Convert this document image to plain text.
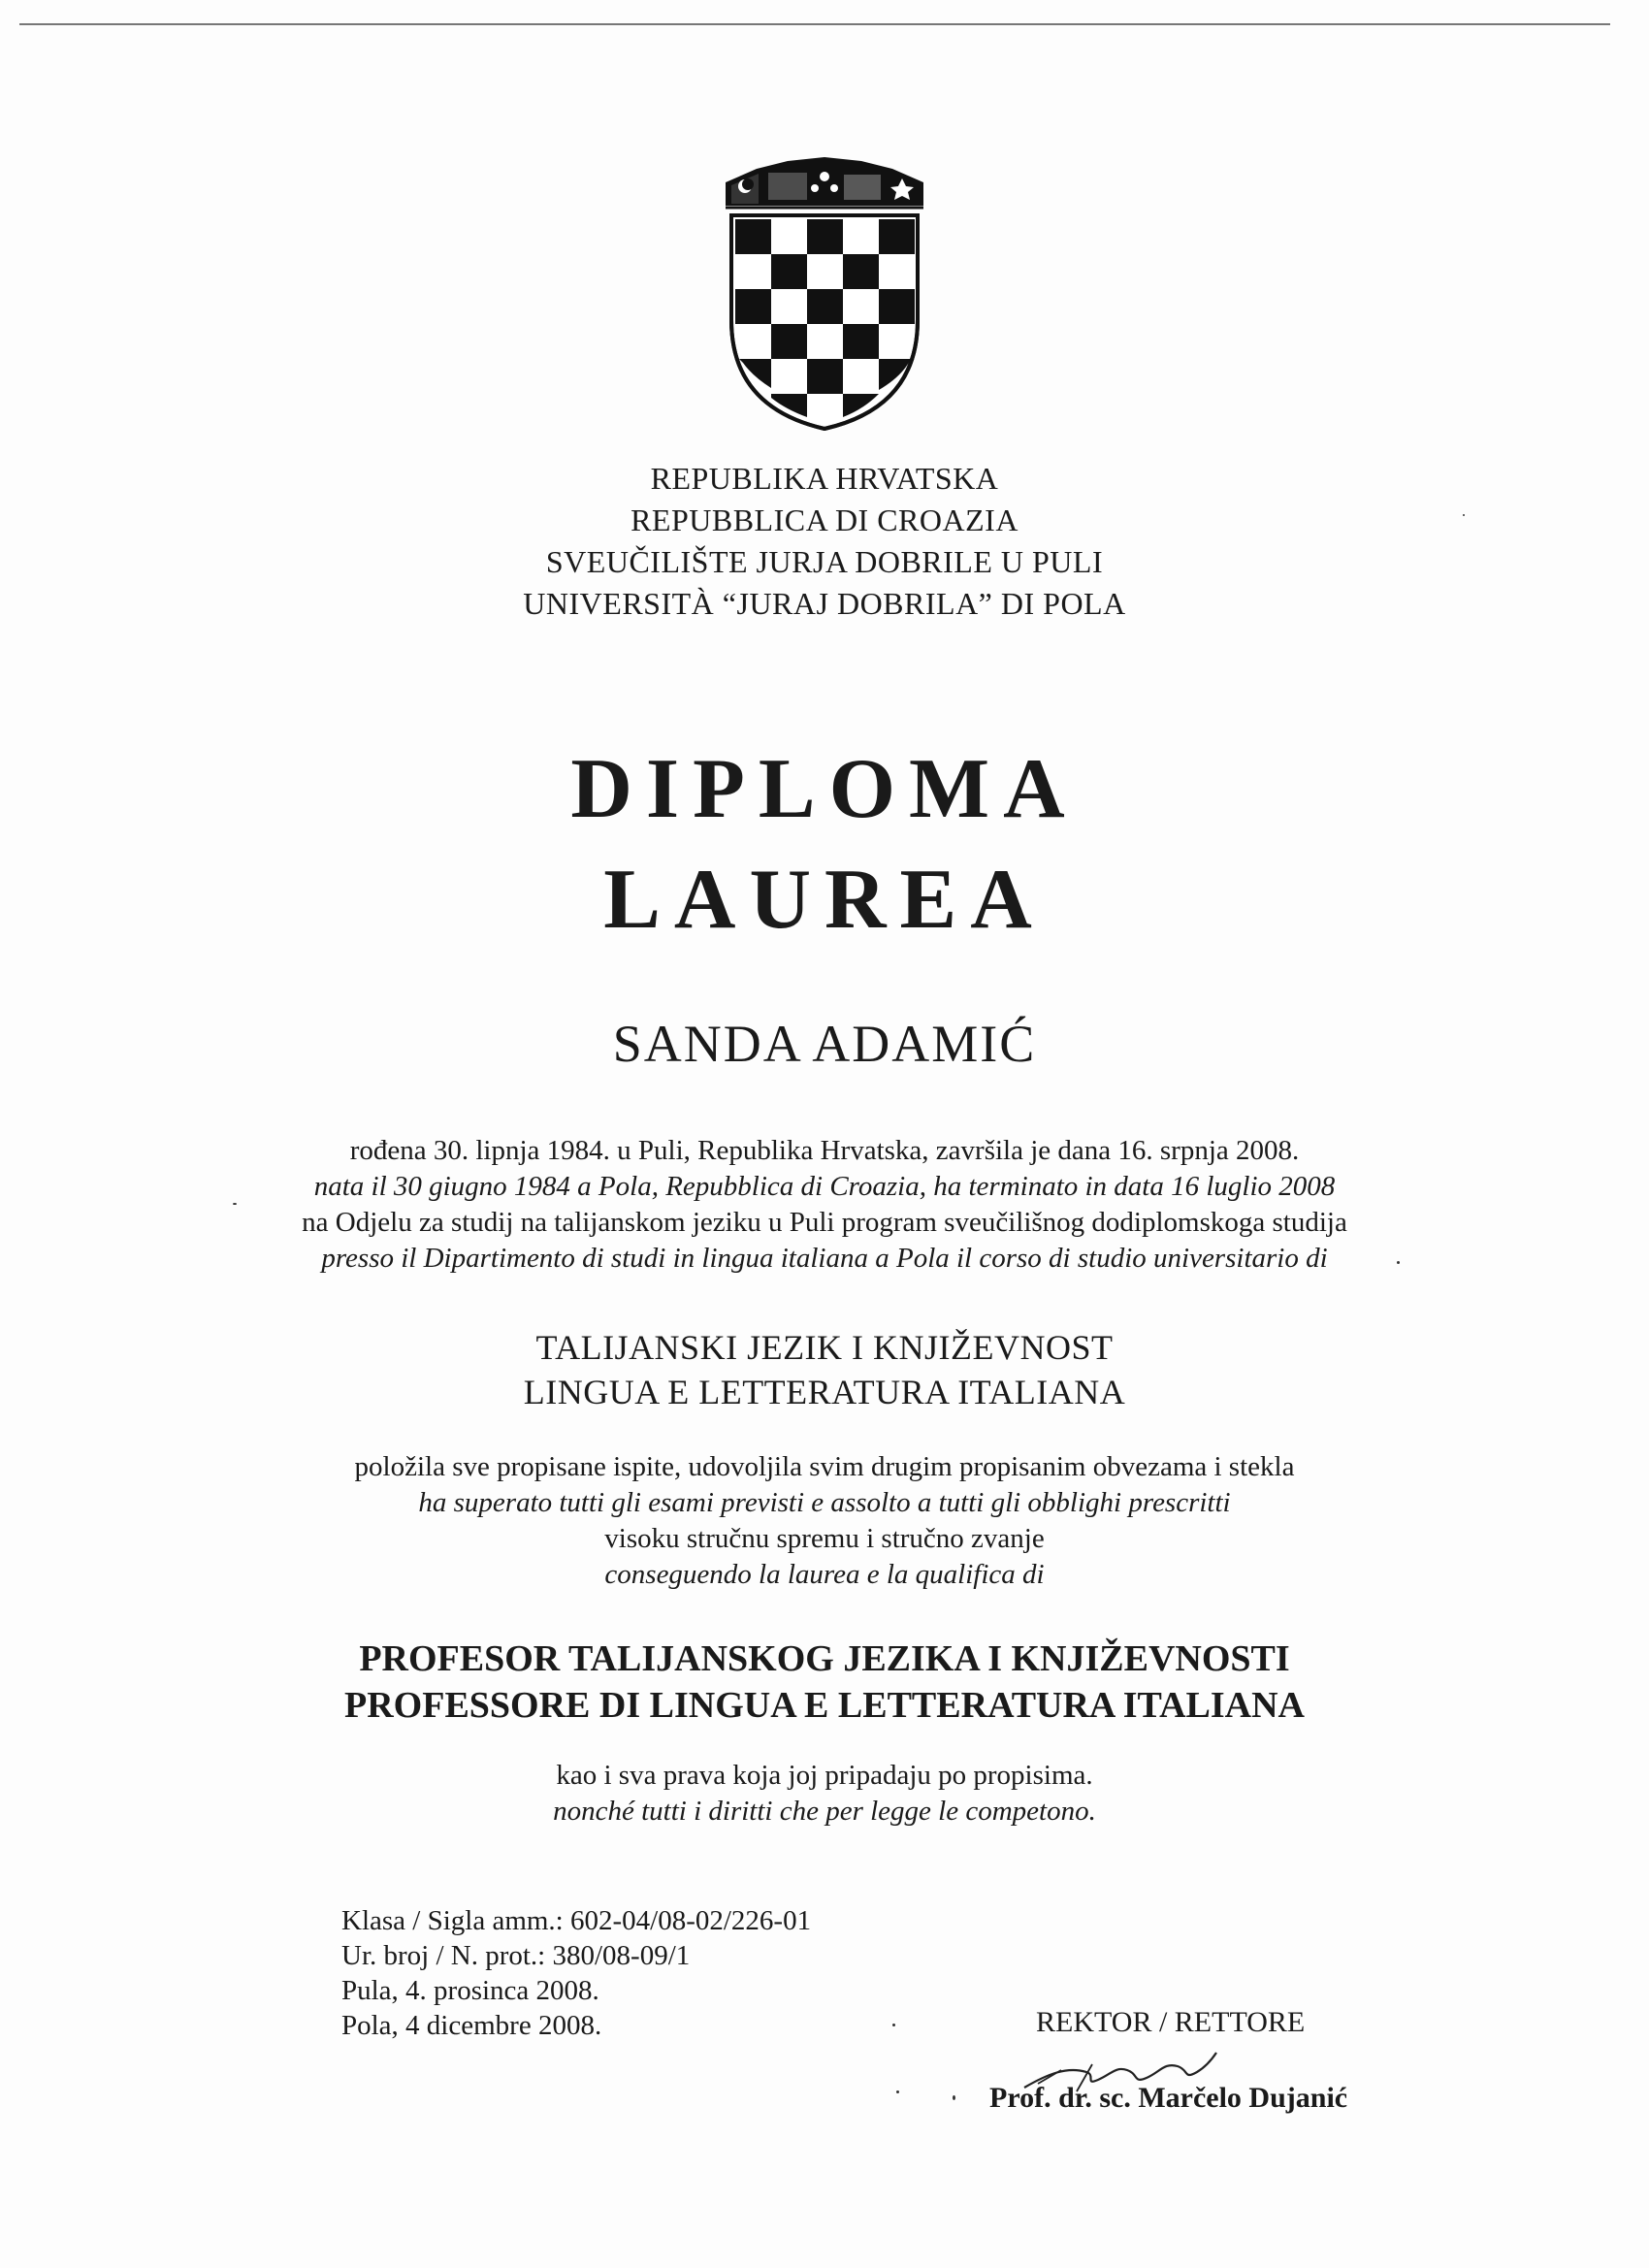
REPUBLIKA HRVATSKA
REPUBBLICA DI CROAZIA
SVEUČILIŠTE JURJA DOBRILE U PULI
UNIVERSITÀ “JURAJ DOBRILA” DI POLA
DIPLOMA
LAUREA
SANDA ADAMIĆ
rođena 30. lipnja 1984. u Puli, Republika Hrvatska, završila je dana 16. srpnja 2008.
nata il 30 giugno 1984 a Pola, Repubblica di Croazia, ha terminato in data 16 luglio 2008
na Odjelu za studij na talijanskom jeziku u Puli program sveučilišnog dodiplomskoga studija
presso il Dipartimento di studi in lingua italiana a Pola il corso di studio universitario di
TALIJANSKI JEZIK I KNJIŽEVNOST
LINGUA E LETTERATURA ITALIANA
položila sve propisane ispite, udovoljila svim drugim propisanim obvezama i stekla
ha superato tutti gli esami previsti e assolto a tutti gli obblighi prescritti
visoku stručnu spremu i stručno zvanje
conseguendo la laurea e la qualifica di
PROFESOR TALIJANSKOG JEZIKA I KNJIŽEVNOSTI
PROFESSORE DI LINGUA E LETTERATURA ITALIANA
kao i sva prava koja joj pripadaju po propisima.
nonché tutti i diritti che per legge le competono.
Klasa / Sigla amm.: 602-04/08-02/226-01
Ur. broj / N. prot.: 380/08-09/1
Pula, 4. prosinca 2008.
Pola, 4 dicembre 2008.	REKTOR / RETTORE
Prof. dr. sc. Marčelo Dujanić
